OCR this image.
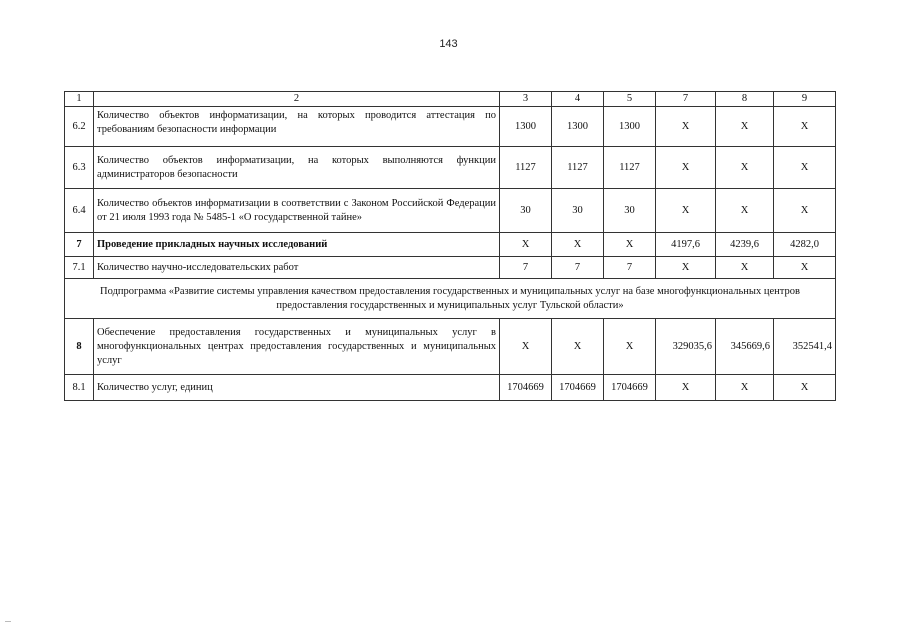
143
1	2	3	4	5	7	8	9
6.2	Количество объектов информатизации, на которых проводится аттестация по требованиям безопасности информации	1300	1300	1300	X	X	X
6.3	Количество объектов информатизации, на которых выполняются функции администраторов безопасности	1127	1127	1127	X	X	X
6.4	Количество объектов информатизации в соответствии с Законом Российской Федерации от 21 июля 1993 года № 5485-1 «О государственной тайне»	30	30	30	X	X	X
7	Проведение прикладных научных исследований	X	X	X	4197,6	4239,6	4282,0
7.1	Количество научно-исследовательских работ	7	7	7	X	X	X
Подпрограмма «Развитие системы управления качеством предоставления государственных и муниципальных услуг на базе многофункциональных центров предоставления государственных и муниципальных услуг Тульской области»							
8	Обеспечение предоставления государственных и муниципальных услуг в многофункциональных центрах предоставления государственных и муниципальных услуг	X	X	X	329035,6	345669,6	352541,4
8.1	Количество услуг, единиц	1704669	1704669	1704669	X	X	X
